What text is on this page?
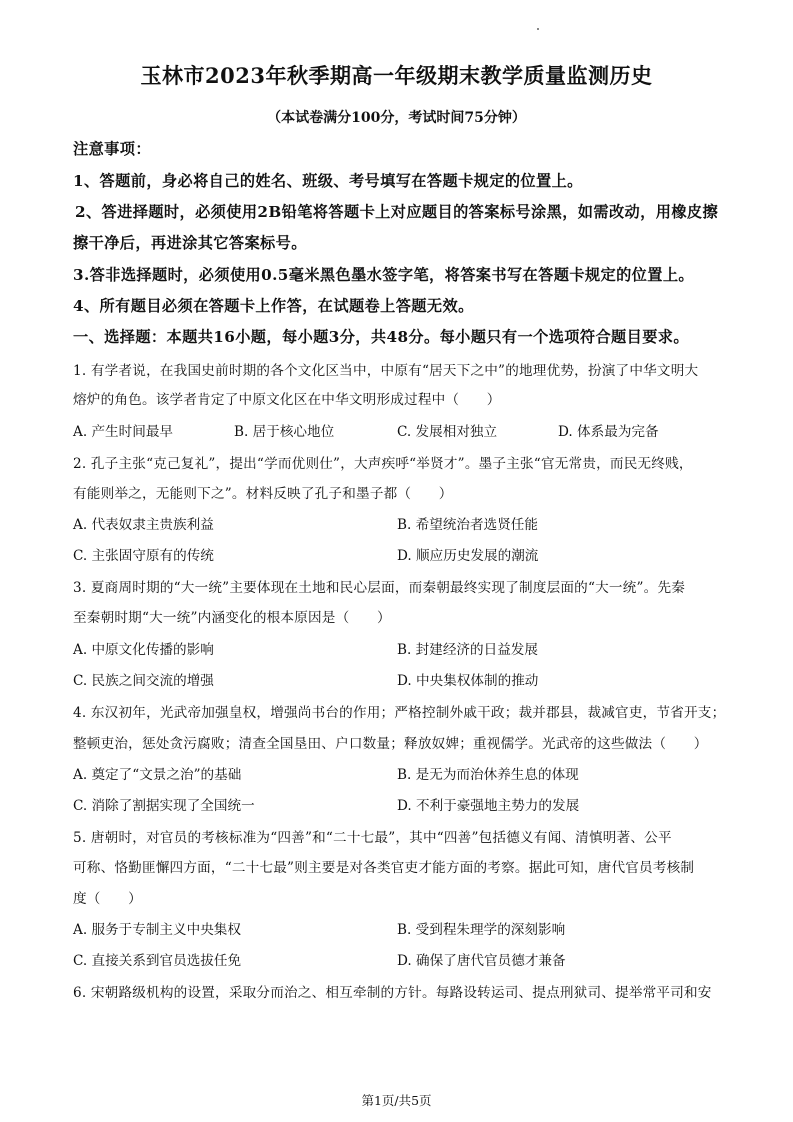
玉林市2023年秋季期高一年级期末教学质量监测历史
（本试卷满分100分，考试时间75分钟）
注意事项：
1、答题前，身必将自己的姓名、班级、考号填写在答题卡规定的位置上。
2、答进择题时，必须使用2B铅笔将答题卡上对应题目的答案标号涂黑，如需改动，用橡皮擦
擦干净后，再进涂其它答案标号。
3.答非选择题时，必须使用0.5毫米黑色墨水签字笔，将答案书写在答题卡规定的位置上。
4、所有题目必须在答题卡上作答，在试题卷上答题无效。
一、选择题：本题共16小题，每小题3分，共48分。每小题只有一个选项符合题目要求。
1. 有学者说，在我国史前时期的各个文化区当中，中原有“居天下之中”的地理优势，扮演了中华文明大
熔炉的角色。该学者肯定了中原文化区在中华文明形成过程中（　　）
A. 产生时间最早	B. 居于核心地位	C. 发展相对独立	D. 体系最为完备
2. 孔子主张“克己复礼”，提出“学而优则仕”，大声疾呼“举贤才”。墨子主张“官无常贵，而民无终贱，
有能则举之，无能则下之”。材料反映了孔子和墨子都（　　）
A. 代表奴隶主贵族利益	B. 希望统治者选贤任能
C. 主张固守原有的传统	D. 顺应历史发展的潮流
3. 夏商周时期的“大一统”主要体现在土地和民心层面，而秦朝最终实现了制度层面的“大一统”。先秦
至秦朝时期“大一统”内涵变化的根本原因是（　　）
A. 中原文化传播的影响	B. 封建经济的日益发展
C. 民族之间交流的增强	D. 中央集权体制的推动
4. 东汉初年，光武帝加强皇权，增强尚书台的作用；严格控制外戚干政；裁并郡县，裁减官吏，节省开支；
整顿吏治，惩处贪污腐败；清查全国垦田、户口数量；释放奴婢；重视儒学。光武帝的这些做法（　　）
A. 奠定了“文景之治”的基础	B. 是无为而治休养生息的体现
C. 消除了割据实现了全国统一	D. 不利于豪强地主势力的发展
5. 唐朝时，对官员的考核标准为“四善”和“二十七最”，其中“四善”包括德义有闻、清慎明著、公平
可称、恪勤匪懈四方面，“二十七最”则主要是对各类官吏才能方面的考察。据此可知，唐代官员考核制
度（　　）
A. 服务于专制主义中央集权	B. 受到程朱理学的深刻影响
C. 直接关系到官员选拔任免	D. 确保了唐代官员德才兼备
6. 宋朝路级机构的设置，采取分而治之、相互牵制的方针。每路设转运司、提点刑狱司、提举常平司和安
第1页/共5页
